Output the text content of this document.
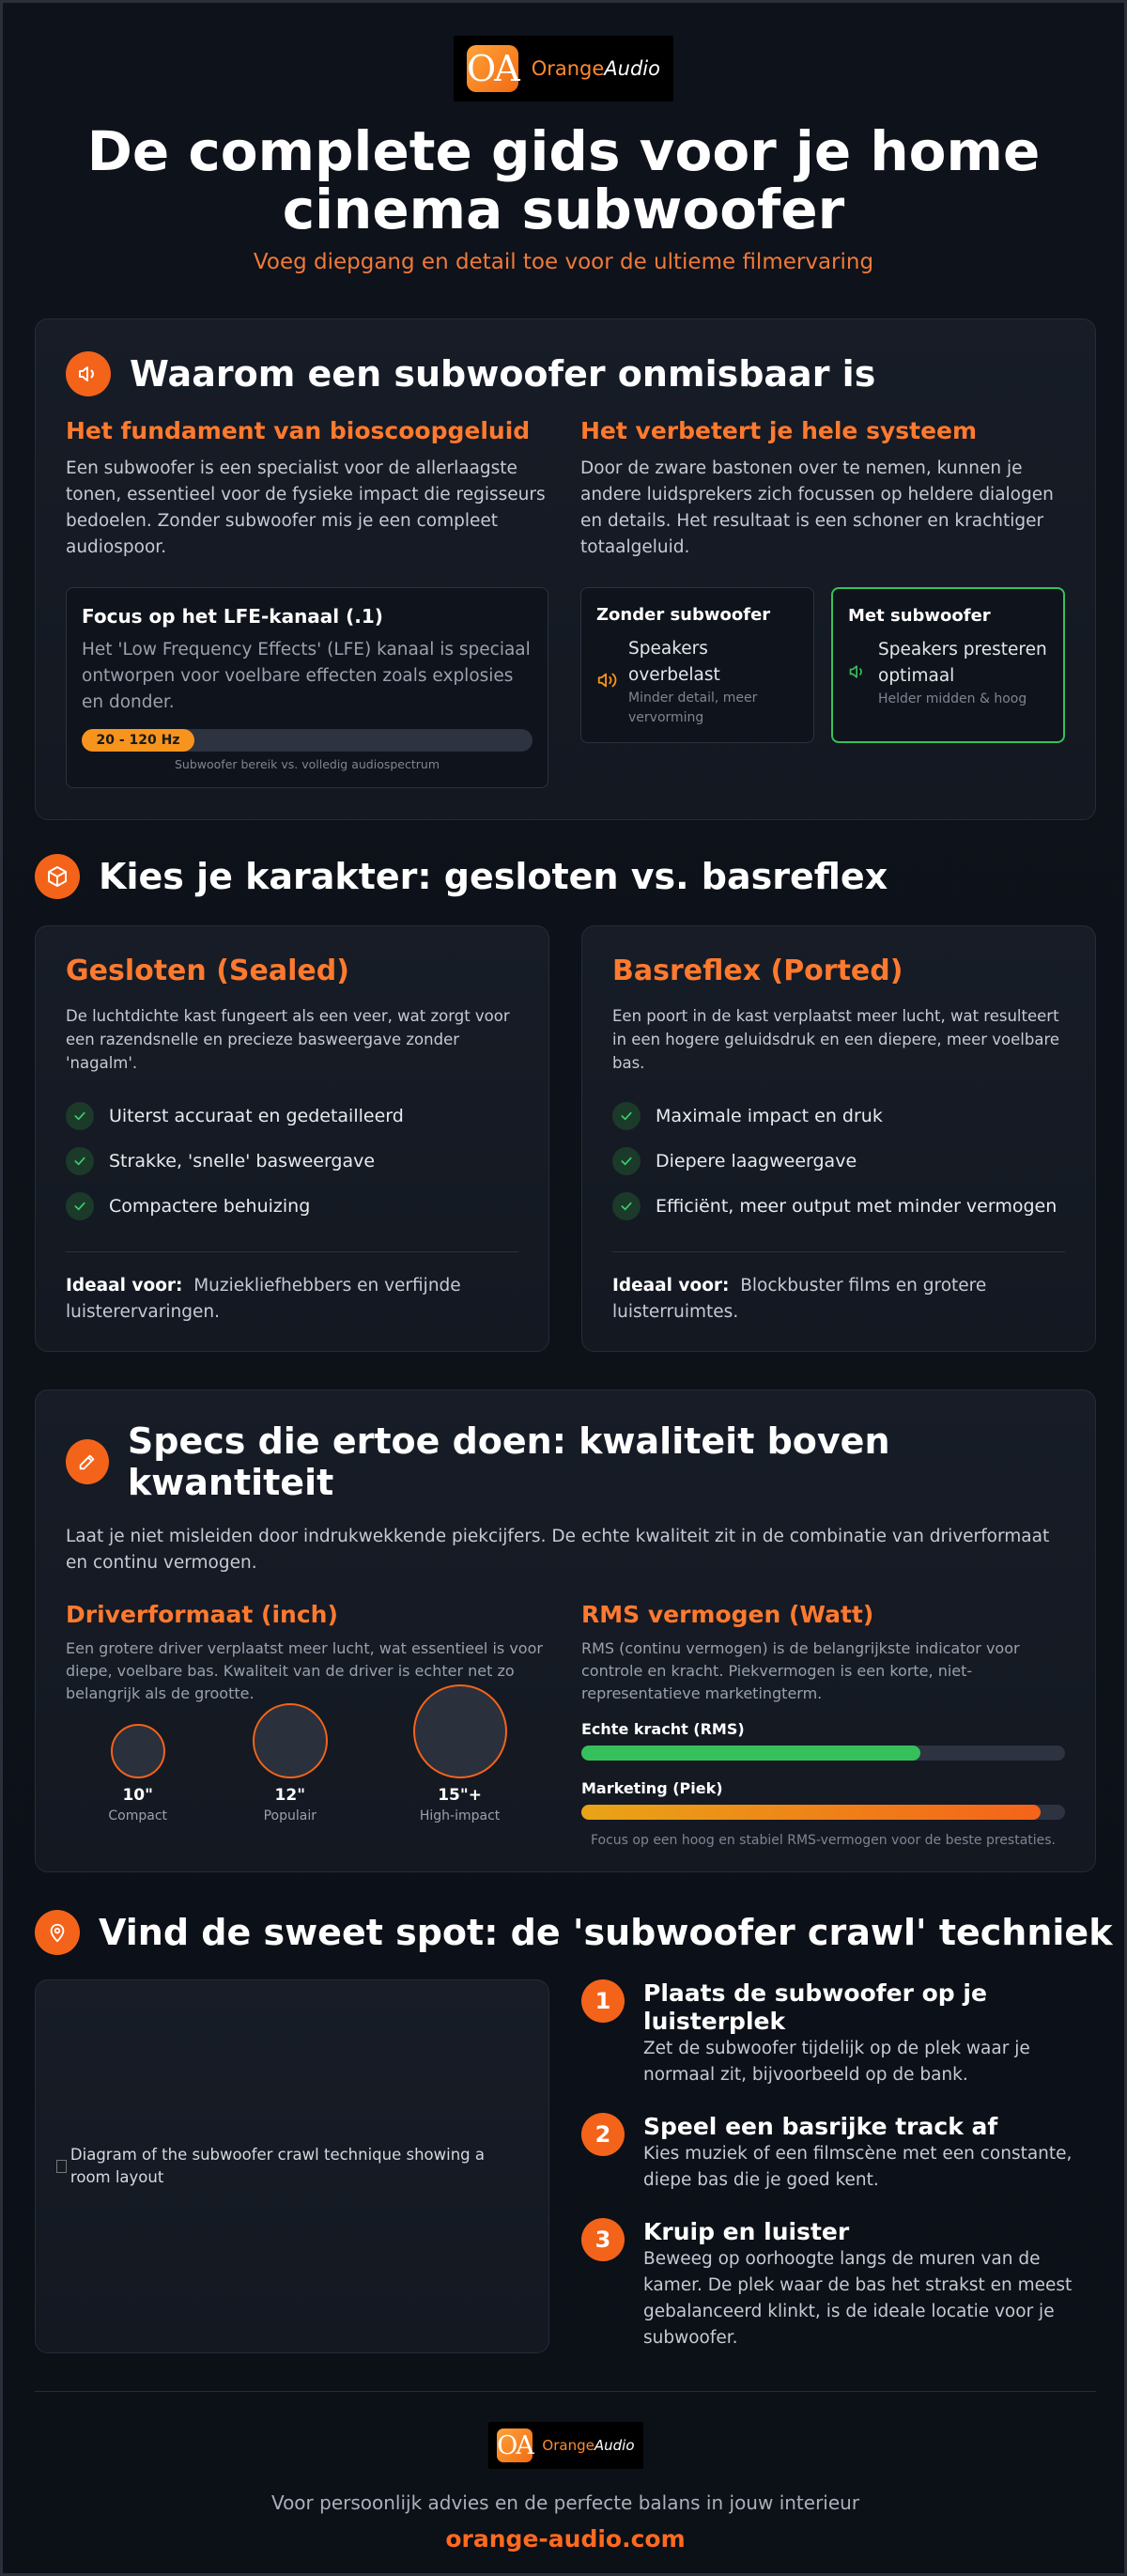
OA OrangeAudio
De complete gids voor je home cinema subwoofer
Voeg diepgang en detail toe voor de ultieme filmervaring
Waarom een subwoofer onmisbaar is
Het fundament van bioscoopgeluid
Een subwoofer is een specialist voor de allerlaagste tonen, essentieel voor de fysieke impact die regisseurs bedoelen. Zonder subwoofer mis je een compleet audiospoor.
Focus op het LFE-kanaal (.1)
Het 'Low Frequency Effects' (LFE) kanaal is speciaal ontworpen voor voelbare effecten zoals explosies en donder.
20 - 120 Hz
Subwoofer bereik vs. volledig audiospectrum
Het verbetert je hele systeem
Door de zware bastonen over te nemen, kunnen je andere luidsprekers zich focussen op heldere dialogen en details. Het resultaat is een schoner en krachtiger totaalgeluid.
Zonder subwoofer
Speakers overbelast
Minder detail, meer vervorming
Met subwoofer
Speakers presteren optimaal
Helder midden & hoog
Kies je karakter: gesloten vs. basreflex
Gesloten (Sealed)
De luchtdichte kast fungeert als een veer, wat zorgt voor een razendsnelle en precieze basweergave zonder 'nagalm'.
Uiterst accuraat en gedetailleerd
Strakke, 'snelle' basweergave
Compactere behuizing
Ideaal voor: Muziekliefhebbers en verfijnde luisterervaringen.
Basreflex (Ported)
Een poort in de kast verplaatst meer lucht, wat resulteert in een hogere geluidsdruk en een diepere, meer voelbare bas.
Maximale impact en druk
Diepere laagweergave
Efficiënt, meer output met minder vermogen
Ideaal voor: Blockbuster films en grotere luisterruimtes.
Specs die ertoe doen: kwaliteit boven kwantiteit
Laat je niet misleiden door indrukwekkende piekcijfers. De echte kwaliteit zit in de combinatie van driverformaat en continu vermogen.
Driverformaat (inch)
Een grotere driver verplaatst meer lucht, wat essentieel is voor diepe, voelbare bas. Kwaliteit van de driver is echter net zo belangrijk als de grootte.
10"
Compact
12"
Populair
15"+
High-impact
RMS vermogen (Watt)
RMS (continu vermogen) is de belangrijkste indicator voor controle en kracht. Piekvermogen is een korte, niet-representatieve marketingterm.
Echte kracht (RMS)
Marketing (Piek)
Focus op een hoog en stabiel RMS-vermogen voor de beste prestaties.
Vind de sweet spot: de 'subwoofer crawl' techniek
Diagram of the subwoofer crawl technique showing a room layout
1	Plaats de subwoofer op je luisterplek
Zet de subwoofer tijdelijk op de plek waar je normaal zit, bijvoorbeeld op de bank.
2	Speel een basrijke track af
Kies muziek of een filmscène met een constante, diepe bas die je goed kent.
3	Kruip en luister
Beweeg op oorhoogte langs de muren van de kamer. De plek waar de bas het strakst en meest gebalanceerd klinkt, is de ideale locatie voor je subwoofer.
OA OrangeAudio
Voor persoonlijk advies en de perfecte balans in jouw interieur
orange-audio.com
